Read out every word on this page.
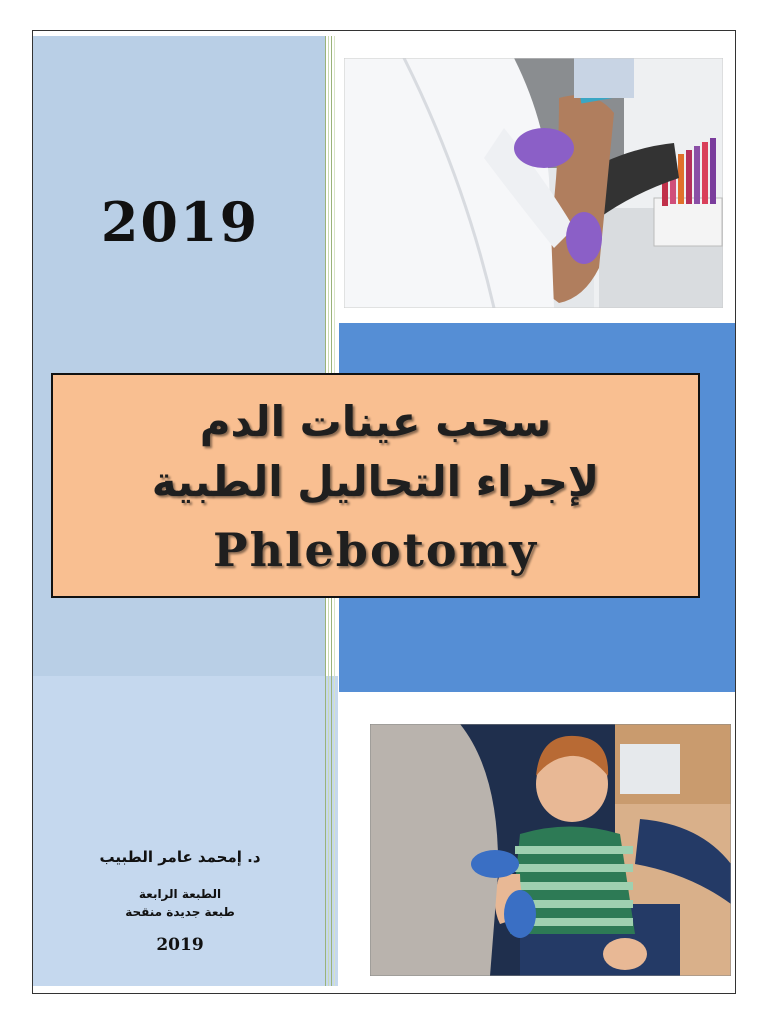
2019
سحب عينات الدم
لإجراء التحاليل الطبية
Phlebotomy
د. إمحمد عامر الطبيب
الطبعة الرابعة
طبعة جديدة منقحة
2019
